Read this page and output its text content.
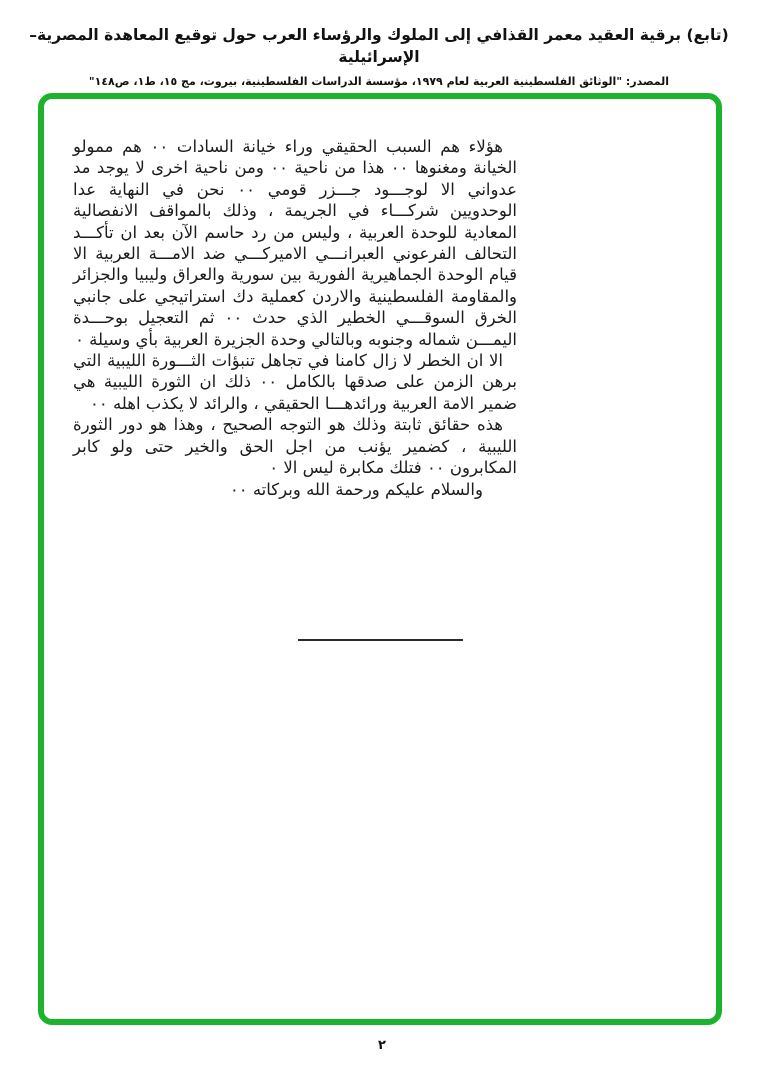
(تابع) برقية العقيد معمر القذافي إلى الملوك والرؤساء العرب حول توقيع المعاهدة المصرية– الإسرائيلية
المصدر: "الوثائق الفلسطينية العربية لعام ١٩٧٩، مؤسسة الدراسات الفلسطينية، بيروت، مج ١٥، ط١، ص١٤٨"

هؤلاء هم السبب الحقيقي وراء خيانة السادات ٠٠ هم ممولو الخيانة ومغنوها ٠٠ هذا من ناحية ٠٠ ومن ناحية اخرى لا يوجد مد عدواني الا لوجـــود جـــزر قومي ٠٠ نحن في النهاية عدا الوحدويين شركـــاء في الجريمة ، وذلك بالمواقف الانفصالية المعادية للوحدة العربية ، وليس من رد حاسم الآن بعد ان تأكـــد التحالف الفرعوني العبرانـــي الاميركـــي ضد الامـــة العربية الا قيام الوحدة الجماهيرية الفورية بين سورية والعراق وليبيا والجزائر والمقاومة الفلسطينية والاردن كعملية دك استراتيجي على جانبي الخرق السوقـــي الخطير الذي حدث ٠٠ ثم التعجيل بوحـــدة اليمـــن شماله وجنوبه وبالتالي وحدة الجزيرة العربية بأي وسيلة ٠

الا ان الخطر لا زال كامنا في تجاهل تنبؤات الثـــورة الليبية التي برهن الزمن على صدقها بالكامل ٠٠ ذلك ان الثورة الليبية هي ضمير الامة العربية ورائدهـــا الحقيقي ، والرائد لا يكذب اهله ٠٠

هذه حقائق ثابتة وذلك هو التوجه الصحيح ، وهذا هو دور الثورة الليبية ، كضمير يؤنب من اجل الحق والخير حتى ولو كابر المكابرون ٠٠ فتلك مكابرة ليس الا ٠

والسلام عليكم ورحمة الله وبركاته ٠٠

٢
